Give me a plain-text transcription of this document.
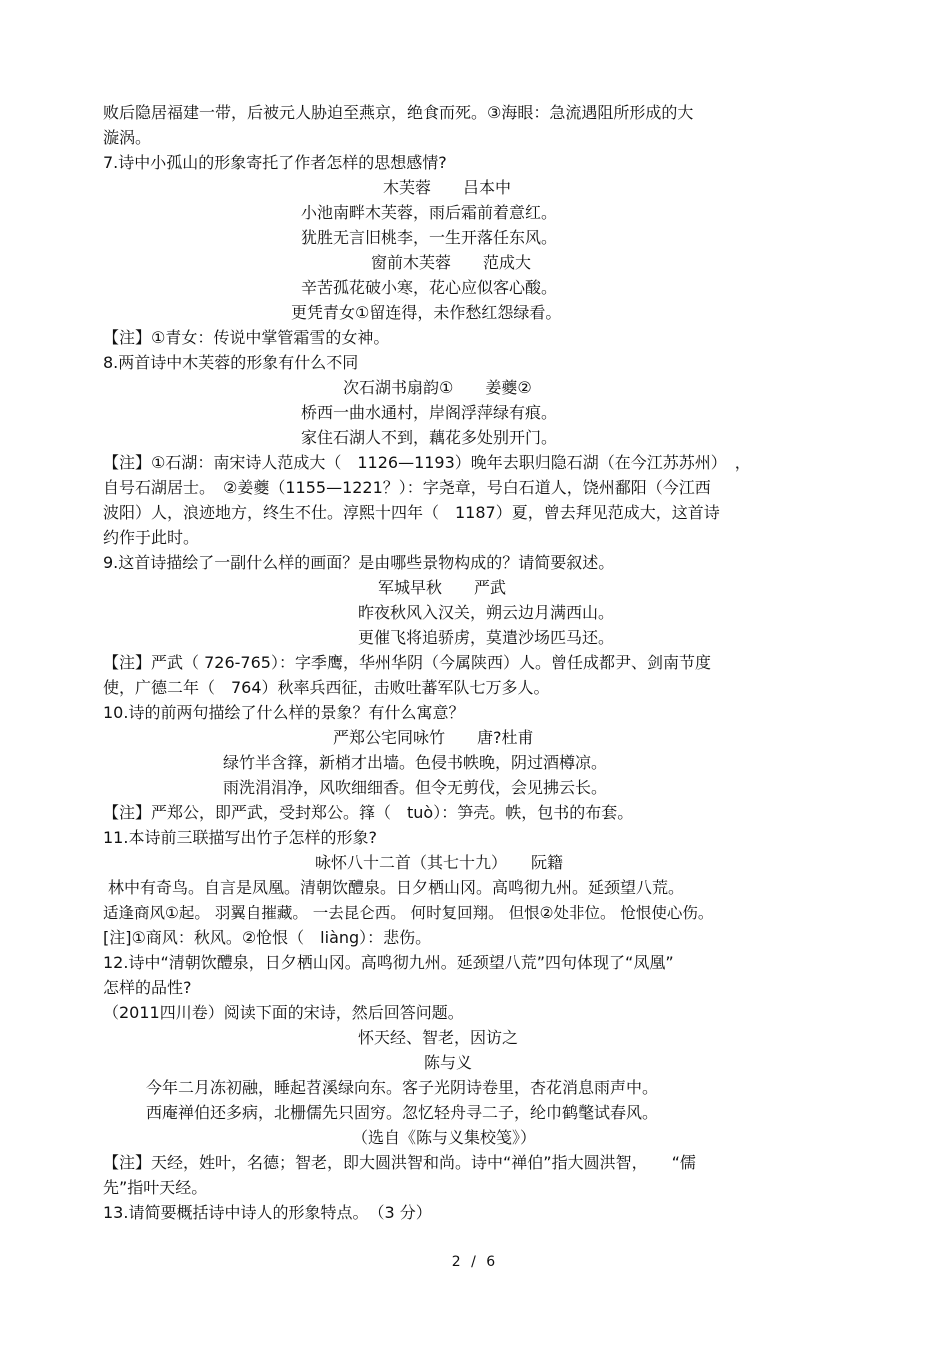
败后隐居福建一带，后被元人胁迫至燕京，绝食而死。③海眼：急流遇阻所形成的大
漩涡。
7.诗中小孤山的形象寄托了作者怎样的思想感情?
木芙蓉　　吕本中
小池南畔木芙蓉，雨后霜前着意红。
犹胜无言旧桃李，一生开落任东风。
窗前木芙蓉　　范成大
辛苦孤花破小寒，花心应似客心酸。
更凭青女①留连得，未作愁红怨绿看。
【注】①青女：传说中掌管霜雪的女神。
8.两首诗中木芙蓉的形象有什么不同
次石湖书扇韵①　　姜夔②
桥西一曲水通村，岸阁浮萍绿有痕。
家住石湖人不到，藕花多处别开门。
【注】①石湖：南宋诗人范成大（　1126—1193）晚年去职归隐石湖（在今江苏苏州）　，
自号石湖居士。　②姜夔（1155—1221？）：字尧章，号白石道人，饶州鄱阳（今江西
波阳）人，浪迹地方，终生不仕。淳熙十四年（　1187）夏，曾去拜见范成大，这首诗
约作于此时。
9.这首诗描绘了一副什么样的画面？是由哪些景物构成的？请简要叙述。
军城早秋　　严武
昨夜秋风入汉关，朔云边月满西山。
更催飞将追骄虏，莫遣沙场匹马还。
【注】严武（ 726-765）：字季鹰，华州华阴（今属陕西）人。曾任成都尹、剑南节度
使，广德二年（　764）秋率兵西征，击败吐蕃军队七万多人。
10.诗的前两句描绘了什么样的景象？有什么寓意？
严郑公宅同咏竹　　唐?杜甫
绿竹半含箨，新梢才出墙。色侵书帙晚，阴过酒樽凉。
雨洗涓涓净，风吹细细香。但令无剪伐，会见拂云长。
【注】严郑公，即严武，受封郑公。箨（　tuò）：笋壳。帙，包书的布套。
11.本诗前三联描写出竹子怎样的形象?
咏怀八十二首（其七十九）　　阮籍
林中有奇鸟。自言是凤凰。清朝饮醴泉。日夕栖山冈。高鸣彻九州。延颈望八荒。
适逢商风①起。 羽翼自摧藏。 一去昆仑西。 何时复回翔。 但恨②处非位。 怆恨使心伤。
[注]①商风：秋风。②怆恨（　liàng）：悲伤。
12.诗中“清朝饮醴泉，日夕栖山冈。高鸣彻九州。延颈望八荒”四句体现了“凤凰”
怎样的品性?
（2011四川卷）阅读下面的宋诗，然后回答问题。
怀天经、智老，因访之
陈与义
今年二月冻初融，睡起苕溪绿向东。客子光阴诗卷里，杏花消息雨声中。
西庵禅伯还多病，北栅儒先只固穷。忽忆轻舟寻二子，纶巾鹤氅试春风。
（选自《陈与义集校笺》）
【注】天经，姓叶，名德；智老，即大圆洪智和尚。诗中“禅伯”指大圆洪智，　　“儒
先”指叶天经。
13.请简要概括诗中诗人的形象特点。　（3 分）
2 / 6
